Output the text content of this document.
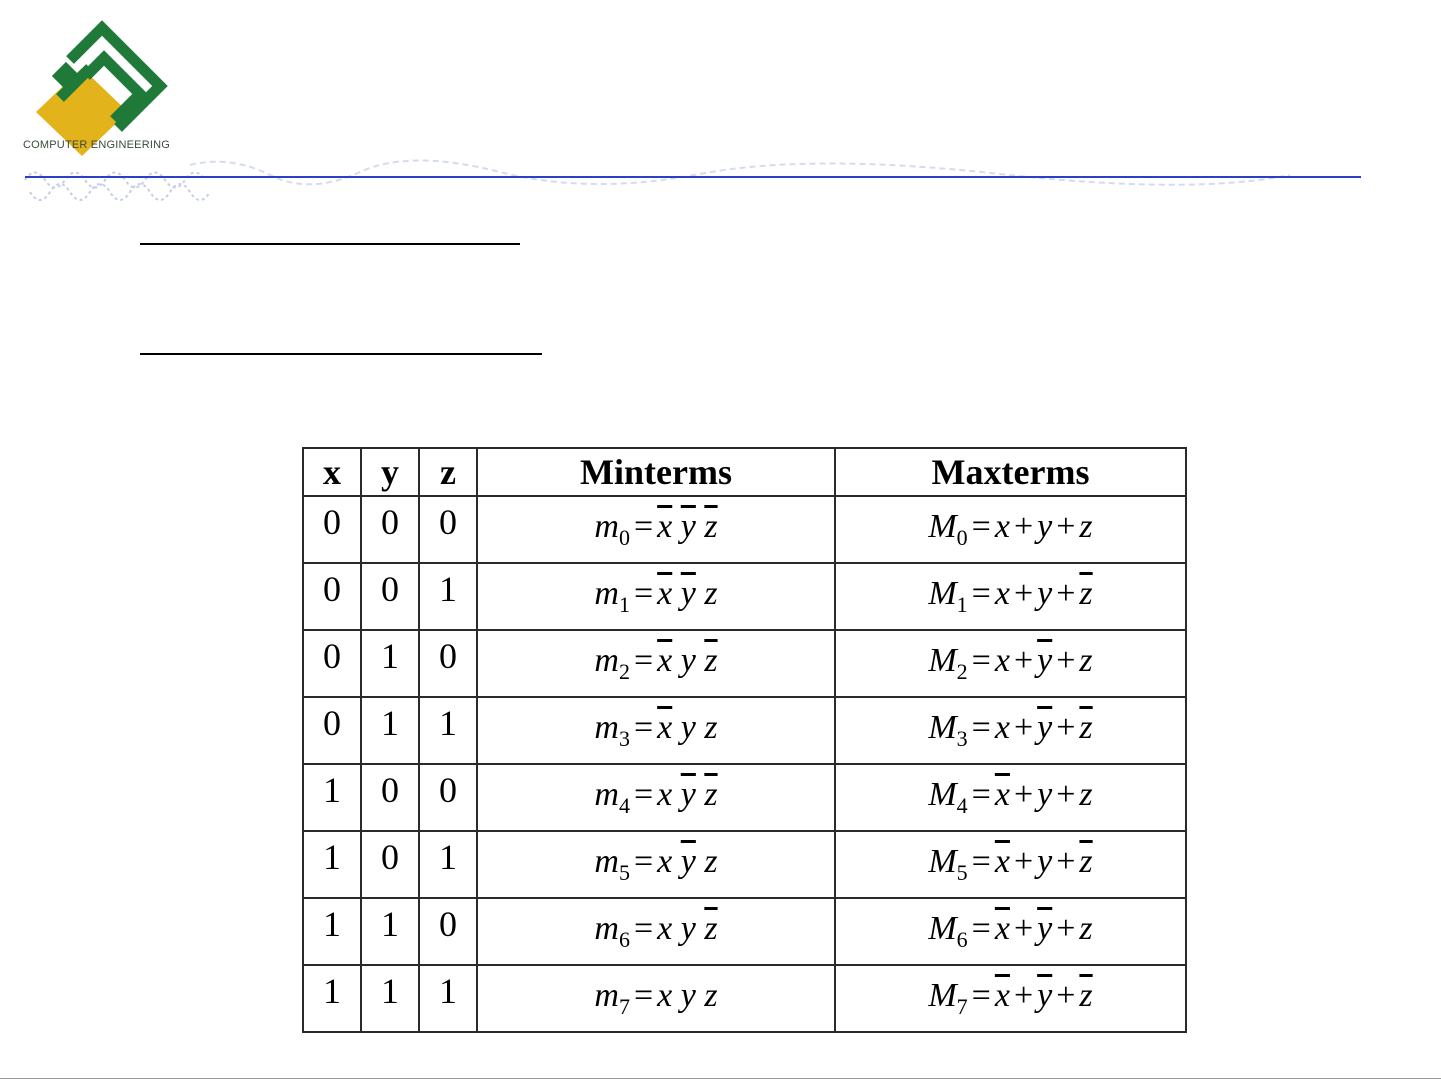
COMPUTER ENGINEERING
x	y	z	Minterms	Maxterms
0	0	0	$m_0 = \overline{x}$ $\overline{y}$ $\overline{z}$	$M_0 = x + y + z$
0	0	1	$m_1 = \overline{x}$ $\overline{y}$ z	$M_1 = x + y + \overline{z}$
0	1	0	$m_2 = \overline{x}$ y $\overline{z}$	$M_2 = x + \overline{y} + z$
0	1	1	$m_3 = \overline{x}$ y z	$M_3 = x + \overline{y} + \overline{z}$
1	0	0	$m_4 = x$ $\overline{y}$ $\overline{z}$	$M_4 = \overline{x} + y + z$
1	0	1	$m_5 = x$ $\overline{y}$ z	$M_5 = \overline{x} + y + \overline{z}$
1	1	0	$m_6 = x$ y $\overline{z}$	$M_6 = \overline{x} + \overline{y} + z$
1	1	1	$m_7 = x$ y z	$M_7 = \overline{x} + \overline{y} + \overline{z}$
